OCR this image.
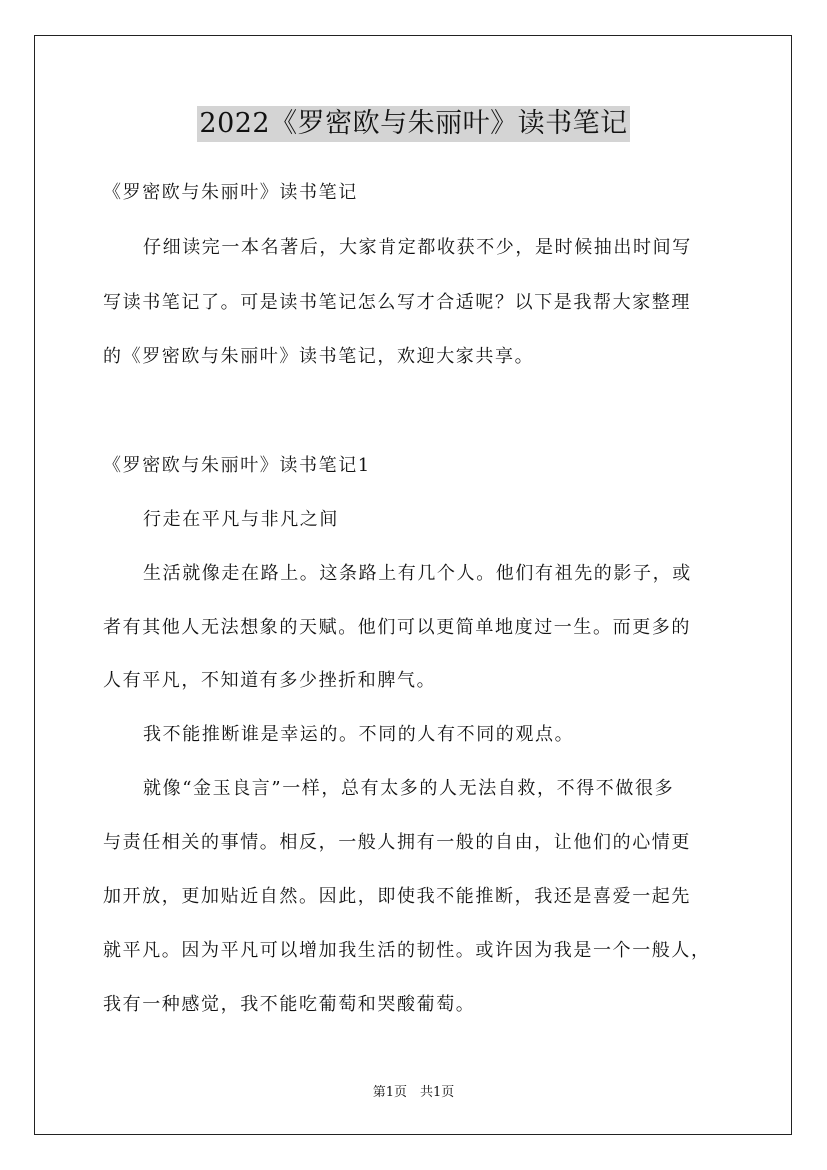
2022《罗密欧与朱丽叶》读书笔记
《罗密欧与朱丽叶》读书笔记
仔细读完一本名著后，大家肯定都收获不少，是时候抽出时间写
写读书笔记了。可是读书笔记怎么写才合适呢？以下是我帮大家整理
的《罗密欧与朱丽叶》读书笔记，欢迎大家共享。
《罗密欧与朱丽叶》读书笔记1
行走在平凡与非凡之间
生活就像走在路上。这条路上有几个人。他们有祖先的影子，或
者有其他人无法想象的天赋。他们可以更简单地度过一生。而更多的
人有平凡，不知道有多少挫折和脾气。
我不能推断谁是幸运的。不同的人有不同的观点。
就像“金玉良言”一样，总有太多的人无法自救，不得不做很多
与责任相关的事情。相反，一般人拥有一般的自由，让他们的心情更
加开放，更加贴近自然。因此，即使我不能推断，我还是喜爱一起先
就平凡。因为平凡可以增加我生活的韧性。或许因为我是一个一般人，
我有一种感觉，我不能吃葡萄和哭酸葡萄。
第1页　共1页
